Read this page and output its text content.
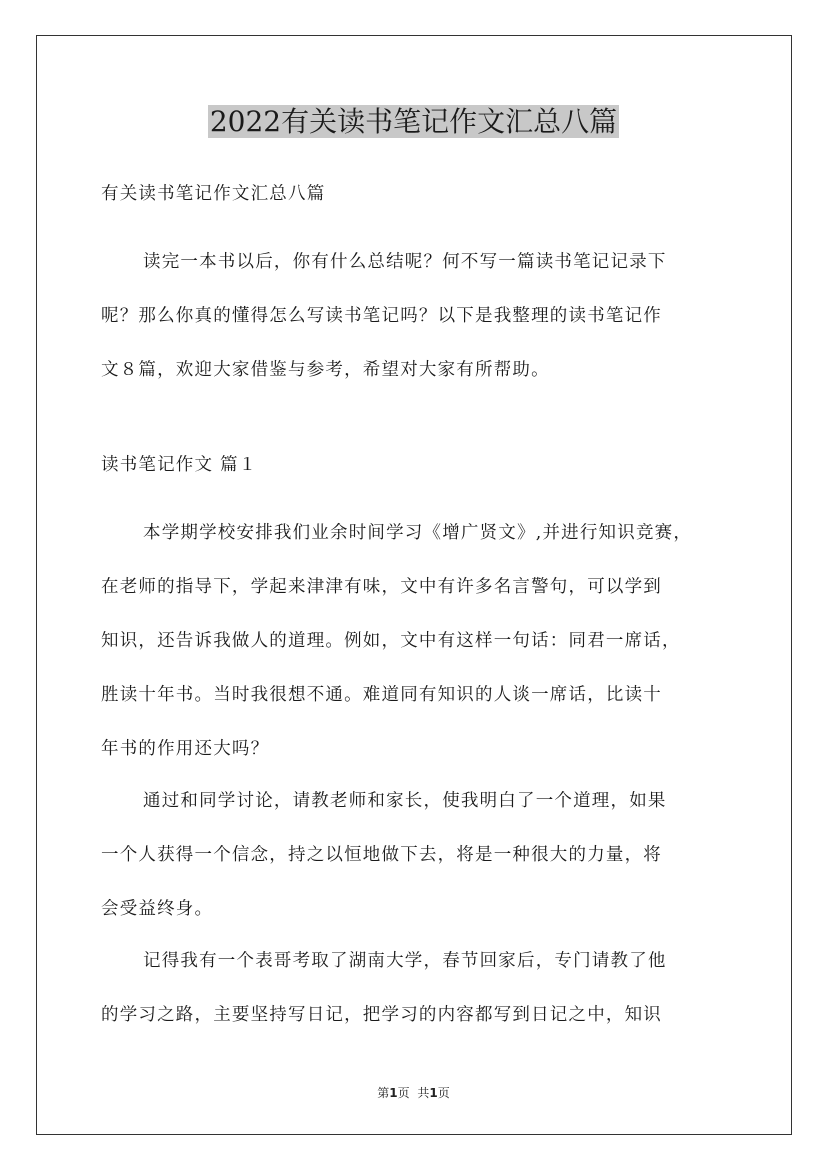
2022有关读书笔记作文汇总八篇
有关读书笔记作文汇总八篇
读完一本书以后，你有什么总结呢？何不写一篇读书笔记记录下
呢？那么你真的懂得怎么写读书笔记吗？以下是我整理的读书笔记作
文８篇，欢迎大家借鉴与参考，希望对大家有所帮助。
读书笔记作文 篇１
本学期学校安排我们业余时间学习《增广贤文》,并进行知识竞赛，
在老师的指导下，学起来津津有味，文中有许多名言警句，可以学到
知识，还告诉我做人的道理。例如，文中有这样一句话：同君一席话，
胜读十年书。当时我很想不通。难道同有知识的人谈一席话，比读十
年书的作用还大吗？
通过和同学讨论，请教老师和家长，使我明白了一个道理，如果
一个人获得一个信念，持之以恒地做下去，将是一种很大的力量，将
会受益终身。
记得我有一个表哥考取了湖南大学，春节回家后，专门请教了他
的学习之路，主要坚持写日记，把学习的内容都写到日记之中，知识
第1页 共1页
